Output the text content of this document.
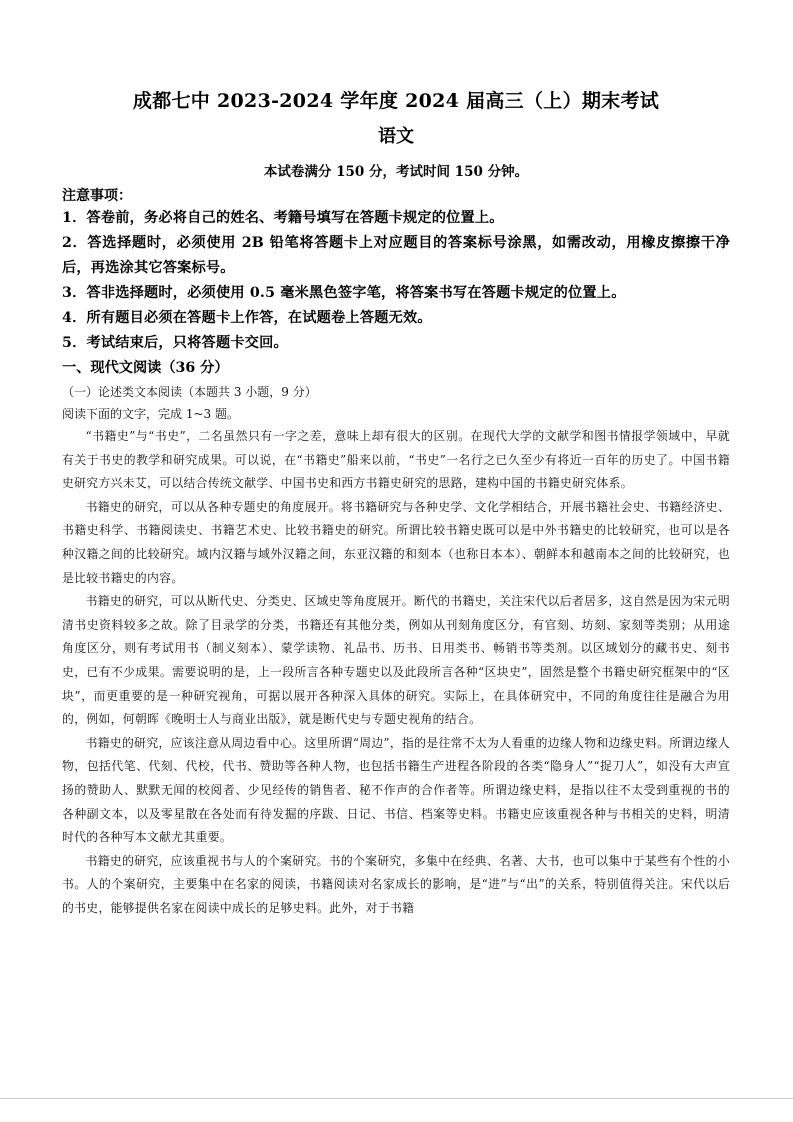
成都七中 2023-2024 学年度 2024 届高三（上）期末考试
语文

本试卷满分 150 分，考试时间 150 分钟。

注意事项：

1．答卷前，务必将自己的姓名、考籍号填写在答题卡规定的位置上。

2．答选择题时，必须使用 2B 铅笔将答题卡上对应题目的答案标号涂黑，如需改动，用橡皮擦擦干净后，再选涂其它答案标号。

3．答非选择题时，必须使用 0.5 毫米黑色签字笔，将答案书写在答题卡规定的位置上。

4．所有题目必须在答题卡上作答，在试题卷上答题无效。

5．考试结束后，只将答题卡交回。

一、现代文阅读（36 分）

（一）论述类文本阅读（本题共 3 小题，9 分）

阅读下面的文字，完成 1~3 题。

“书籍史”与“书史”，二名虽然只有一字之差，意味上却有很大的区别。在现代大学的文献学和图书情报学领域中，早就有关于书史的教学和研究成果。可以说，在“书籍史”船来以前，“书史”一名行之已久至少有将近一百年的历史了。中国书籍史研究方兴未艾，可以结合传统文献学、中国书史和西方书籍史研究的思路，建构中国的书籍史研究体系。

书籍史的研究，可以从各种专题史的角度展开。将书籍研究与各种史学、文化学相结合，开展书籍社会史、书籍经济史、书籍史科学、书籍阅读史、书籍艺术史、比较书籍史的研究。所谓比较书籍史既可以是中外书籍史的比较研究，也可以是各种汉籍之间的比较研究。域内汉籍与域外汉籍之间，东亚汉籍的和刻本（也称日本本）、朝鲜本和越南本之间的比较研究，也是比较书籍史的内容。

书籍史的研究，可以从断代史、分类史、区域史等角度展开。断代的书籍史，关注宋代以后者居多，这自然是因为宋元明清书史资料较多之故。除了目录学的分类，书籍还有其他分类，例如从刊刻角度区分，有官刻、坊刻、家刻等类别；从用途角度区分，则有考试用书（制义刻本）、蒙学读物、礼品书、历书、日用类书、畅销书等类剂。以区域划分的藏书史、刻书史，已有不少成果。需要说明的是，上一段所言各种专题史以及此段所言各种“区块史”，固然是整个书籍史研究框架中的“区块”，而更重要的是一种研究视角，可据以展开各种深入具体的研究。实际上，在具体研究中，不同的角度往往是融合为用的，例如，何朝晖《晚明士人与商业出版》，就是断代史与专题史视角的结合。

书籍史的研究，应该注意从周边看中心。这里所谓“周边”，指的是往常不太为人看重的边缘人物和边缘史料。所谓边缘人物，包括代笔、代刻、代校，代书、赞助等各种人物，也包括书籍生产进程各阶段的各类“隐身人”“捉刀人”，如没有大声宣扬的赞助人、默默无闻的校阅者、少见经传的销售者、秘不作声的合作者等。所谓边缘史料，是指以往不太受到重视的书的各种副文本，以及零星散在各处而有待发掘的序跋、日记、书信、档案等史料。书籍史应该重视各种与书相关的史料，明清时代的各种写本文献尤其重要。

书籍史的研究，应该重视书与人的个案研究。书的个案研究，多集中在经典、名著、大书，也可以集中于某些有个性的小书。人的个案研究，主要集中在名家的阅读，书籍阅读对名家成长的影响，是“进”与“出”的关系，特别值得关注。宋代以后的书史，能够提供名家在阅读中成长的足够史料。此外，对于书籍
